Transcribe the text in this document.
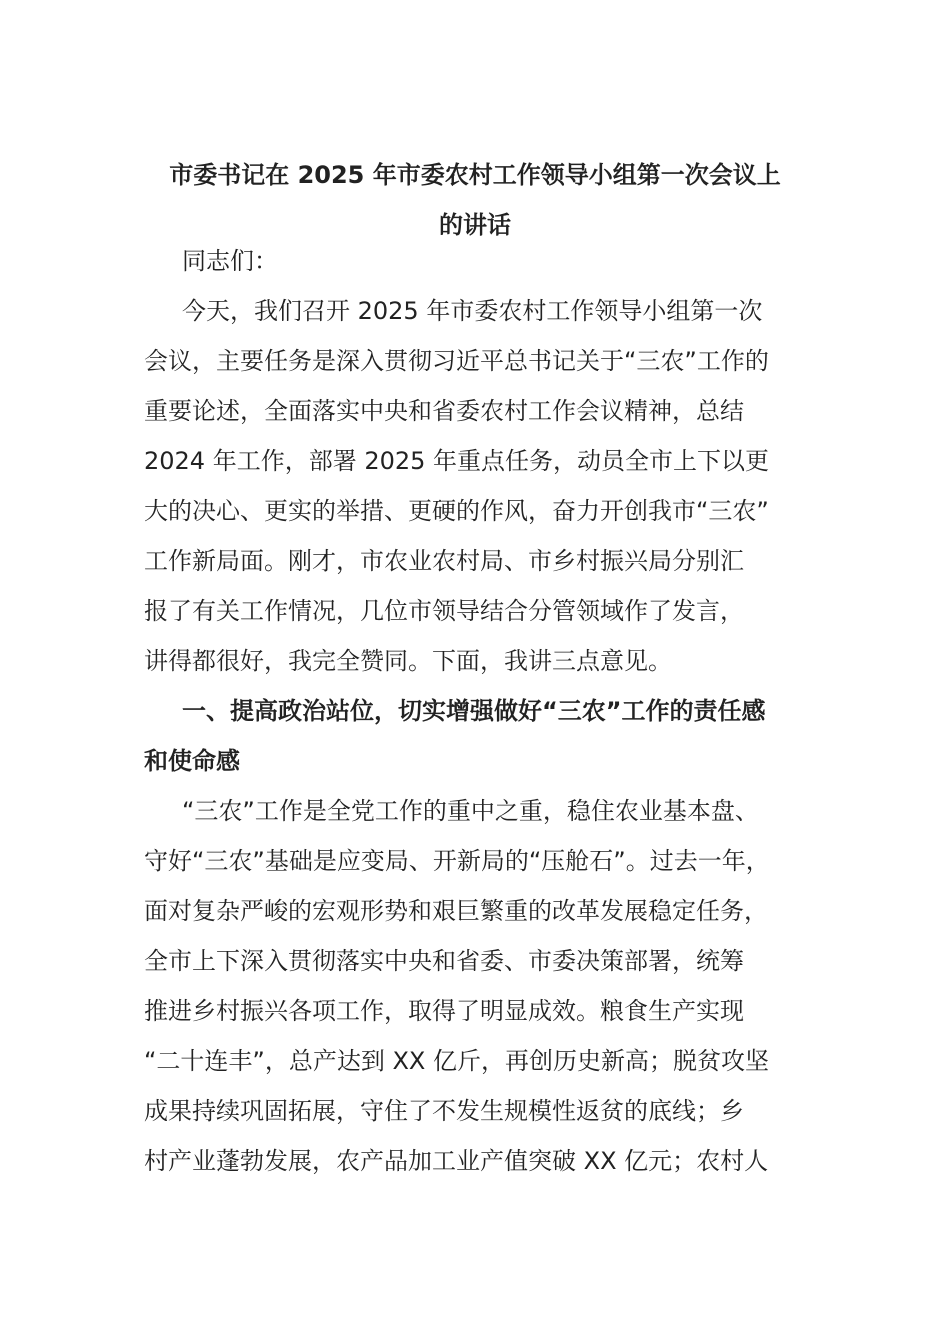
市委书记在 2025 年市委农村工作领导小组第一次会议上
的讲话

同志们：

今天，我们召开 2025 年市委农村工作领导小组第一次
会议，主要任务是深入贯彻习近平总书记关于“三农”工作的
重要论述，全面落实中央和省委农村工作会议精神，总结
2024 年工作，部署 2025 年重点任务，动员全市上下以更
大的决心、更实的举措、更硬的作风，奋力开创我市“三农”
工作新局面。刚才，市农业农村局、市乡村振兴局分别汇
报了有关工作情况，几位市领导结合分管领域作了发言，
讲得都很好，我完全赞同。下面，我讲三点意见。

一、提高政治站位，切实增强做好“三农”工作的责任感
和使命感

“三农”工作是全党工作的重中之重，稳住农业基本盘、
守好“三农”基础是应变局、开新局的“压舱石”。过去一年，
面对复杂严峻的宏观形势和艰巨繁重的改革发展稳定任务，
全市上下深入贯彻落实中央和省委、市委决策部署，统筹
推进乡村振兴各项工作，取得了明显成效。粮食生产实现
“二十连丰”，总产达到 XX 亿斤，再创历史新高；脱贫攻坚
成果持续巩固拓展，守住了不发生规模性返贫的底线；乡
村产业蓬勃发展，农产品加工业产值突破 XX 亿元；农村人
